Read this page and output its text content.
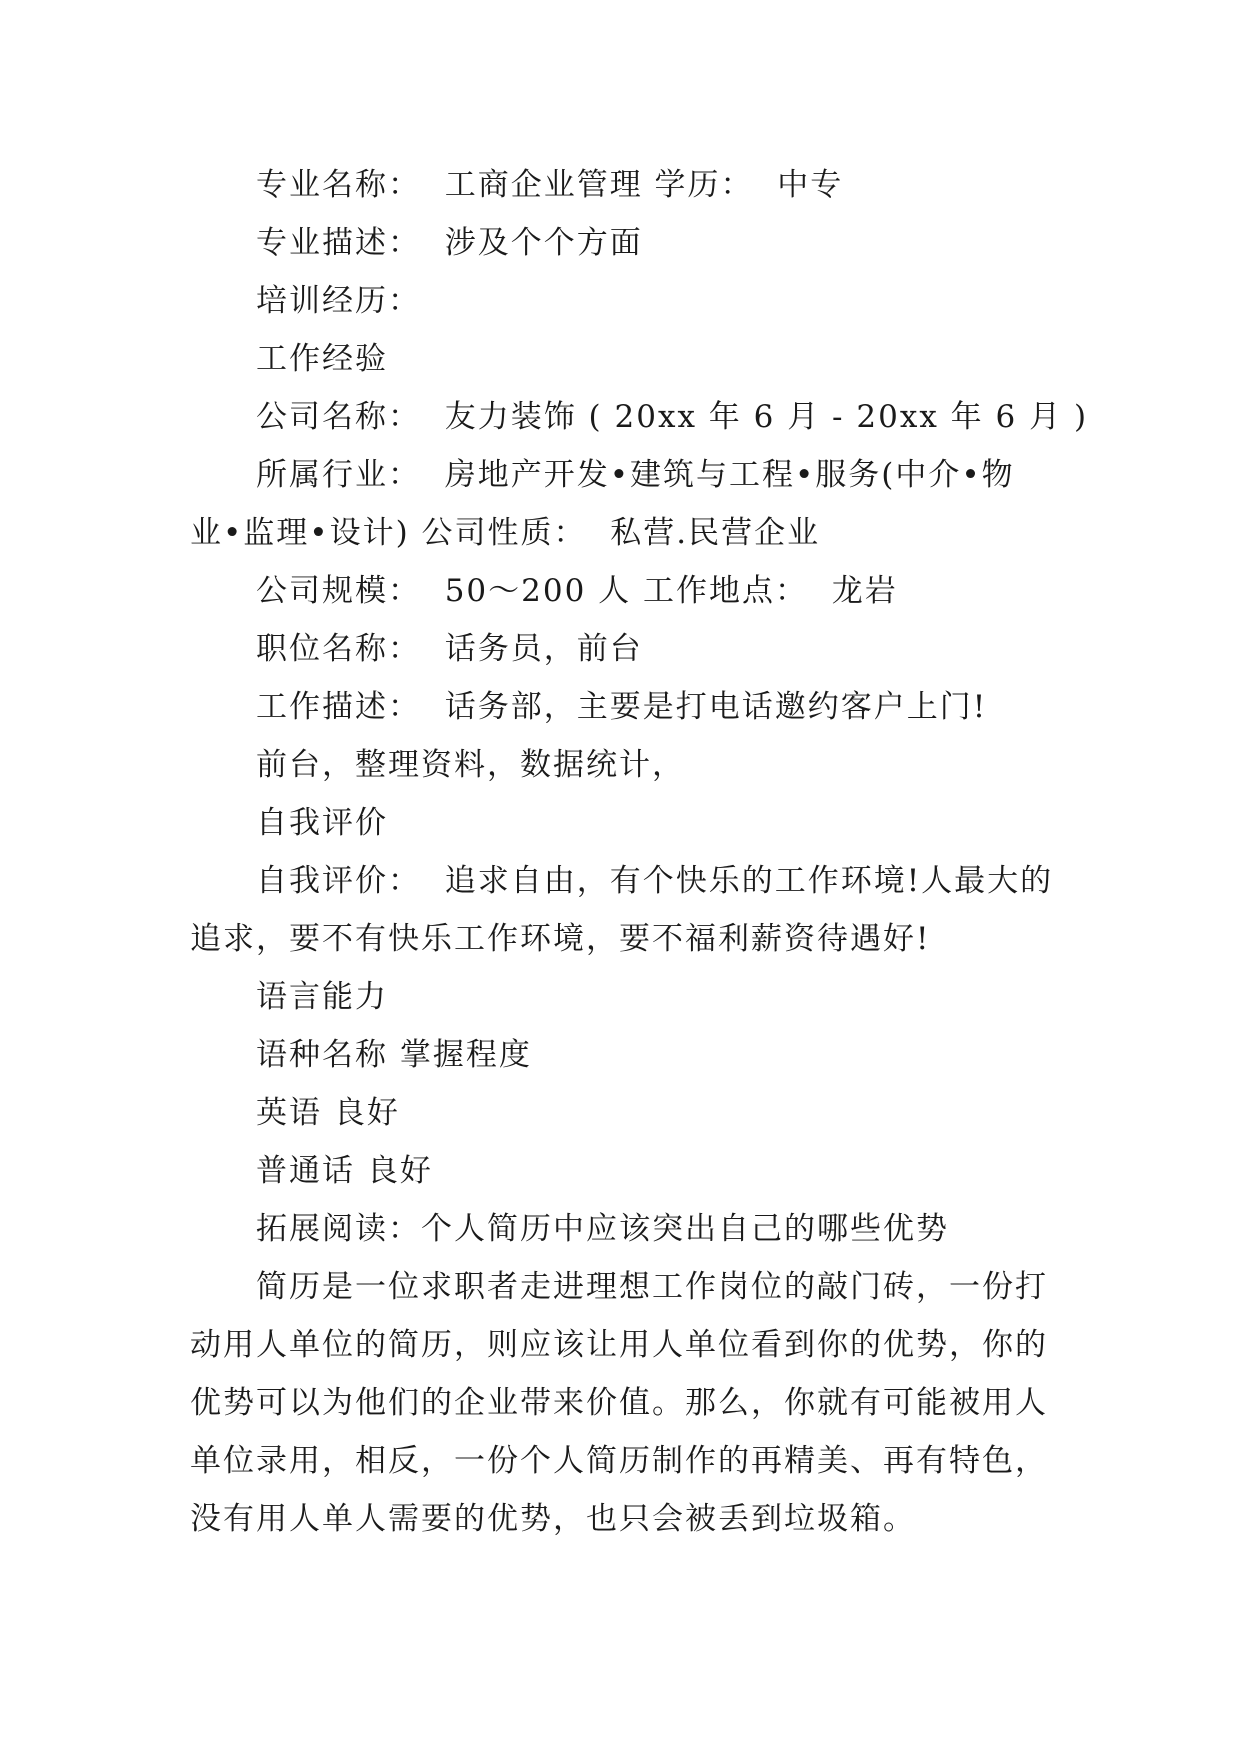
专业名称：  工商企业管理 学历：  中专
专业描述：  涉及个个方面
培训经历：
工作经验
公司名称：  友力装饰 ( 20xx 年 6 月 - 20xx 年 6 月 )
所属行业：  房地产开发•建筑与工程•服务(中介•物
业•监理•设计) 公司性质：  私营.民营企业
公司规模：  50～200 人 工作地点：  龙岩
职位名称：  话务员，前台
工作描述：  话务部，主要是打电话邀约客户上门!
前台，整理资料，数据统计，
自我评价
自我评价：  追求自由，有个快乐的工作环境!人最大的
追求，要不有快乐工作环境，要不福利薪资待遇好!
语言能力
语种名称 掌握程度
英语 良好
普通话 良好
拓展阅读：个人简历中应该突出自己的哪些优势
简历是一位求职者走进理想工作岗位的敲门砖，一份打
动用人单位的简历，则应该让用人单位看到你的优势，你的
优势可以为他们的企业带来价值。那么，你就有可能被用人
单位录用，相反，一份个人简历制作的再精美、再有特色，
没有用人单人需要的优势，也只会被丢到垃圾箱。
